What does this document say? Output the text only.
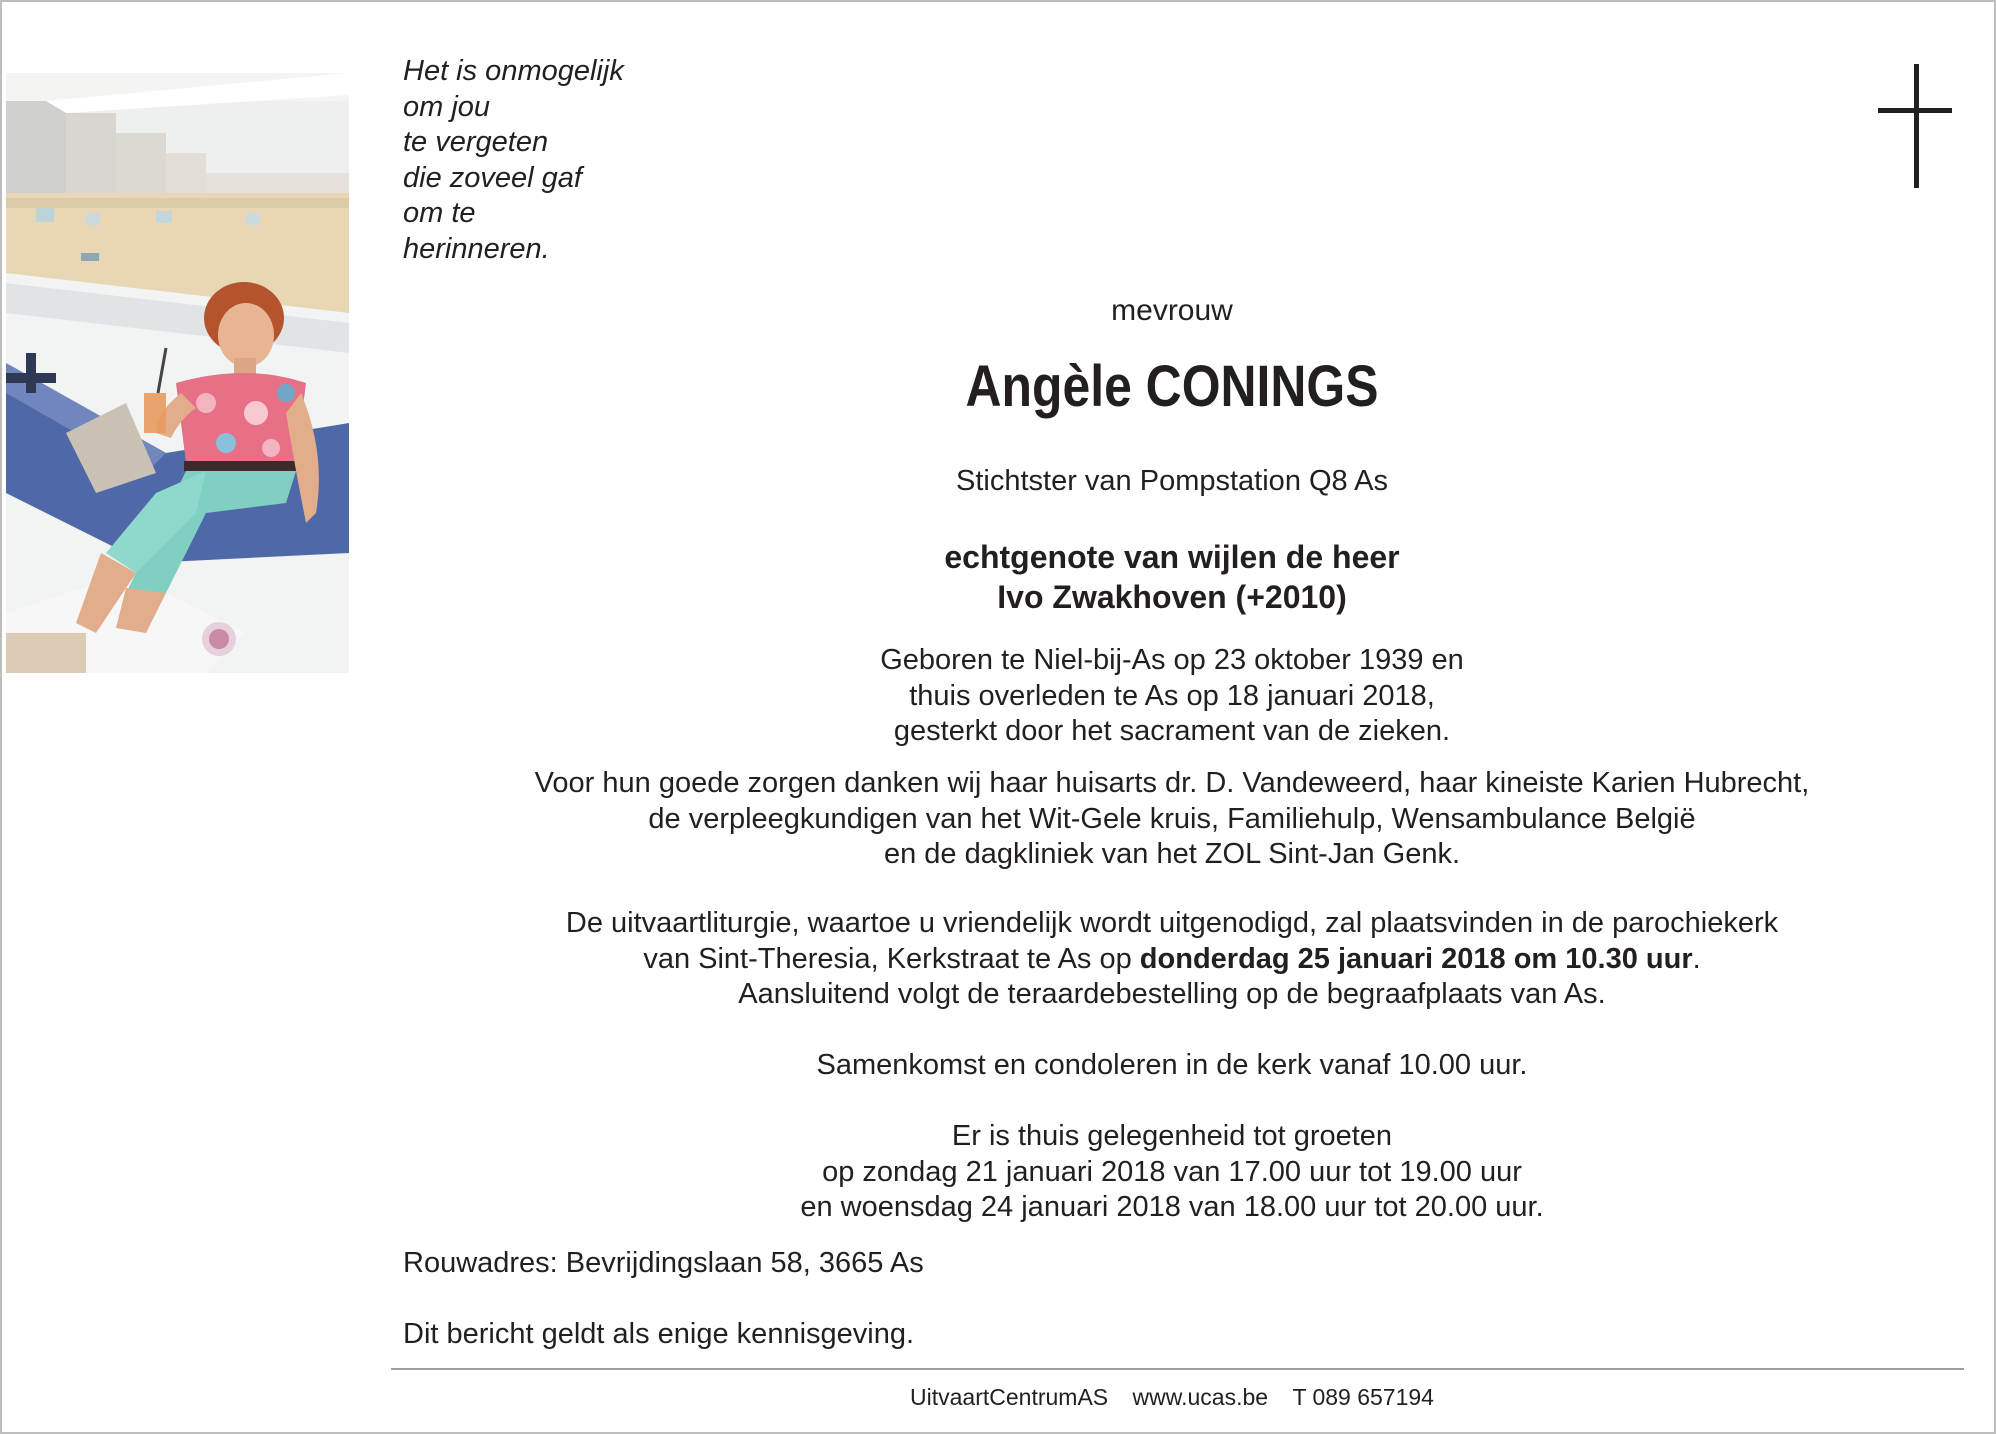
Het is onmogelijk
om jou
te vergeten
die zoveel gaf
om te
herinneren.
mevrouw
Angèle CONINGS
Stichtster van Pompstation Q8 As
echtgenote van wijlen de heer
Ivo Zwakhoven (+2010)
Geboren te Niel-bij-As op 23 oktober 1939 en
thuis overleden te As op 18 januari 2018,
gesterkt door het sacrament van de zieken.
Voor hun goede zorgen danken wij haar huisarts dr. D. Vandeweerd, haar kineiste Karien Hubrecht,
de verpleegkundigen van het Wit-Gele kruis, Familiehulp, Wensambulance België
en de dagkliniek van het ZOL Sint-Jan Genk.
De uitvaartliturgie, waartoe u vriendelijk wordt uitgenodigd, zal plaatsvinden in de parochiekerk
van Sint-Theresia, Kerkstraat te As op donderdag 25 januari 2018 om 10.30 uur.
Aansluitend volgt de teraardebestelling op de begraafplaats van As.
Samenkomst en condoleren in de kerk vanaf 10.00 uur.
Er is thuis gelegenheid tot groeten
op zondag 21 januari 2018 van 17.00 uur tot 19.00 uur
en woensdag 24 januari 2018 van 18.00 uur tot 20.00 uur.
Rouwadres: Bevrijdingslaan 58, 3665 As
Dit bericht geldt als enige kennisgeving.
UitvaartCentrumAS www.ucas.be T 089 657194
